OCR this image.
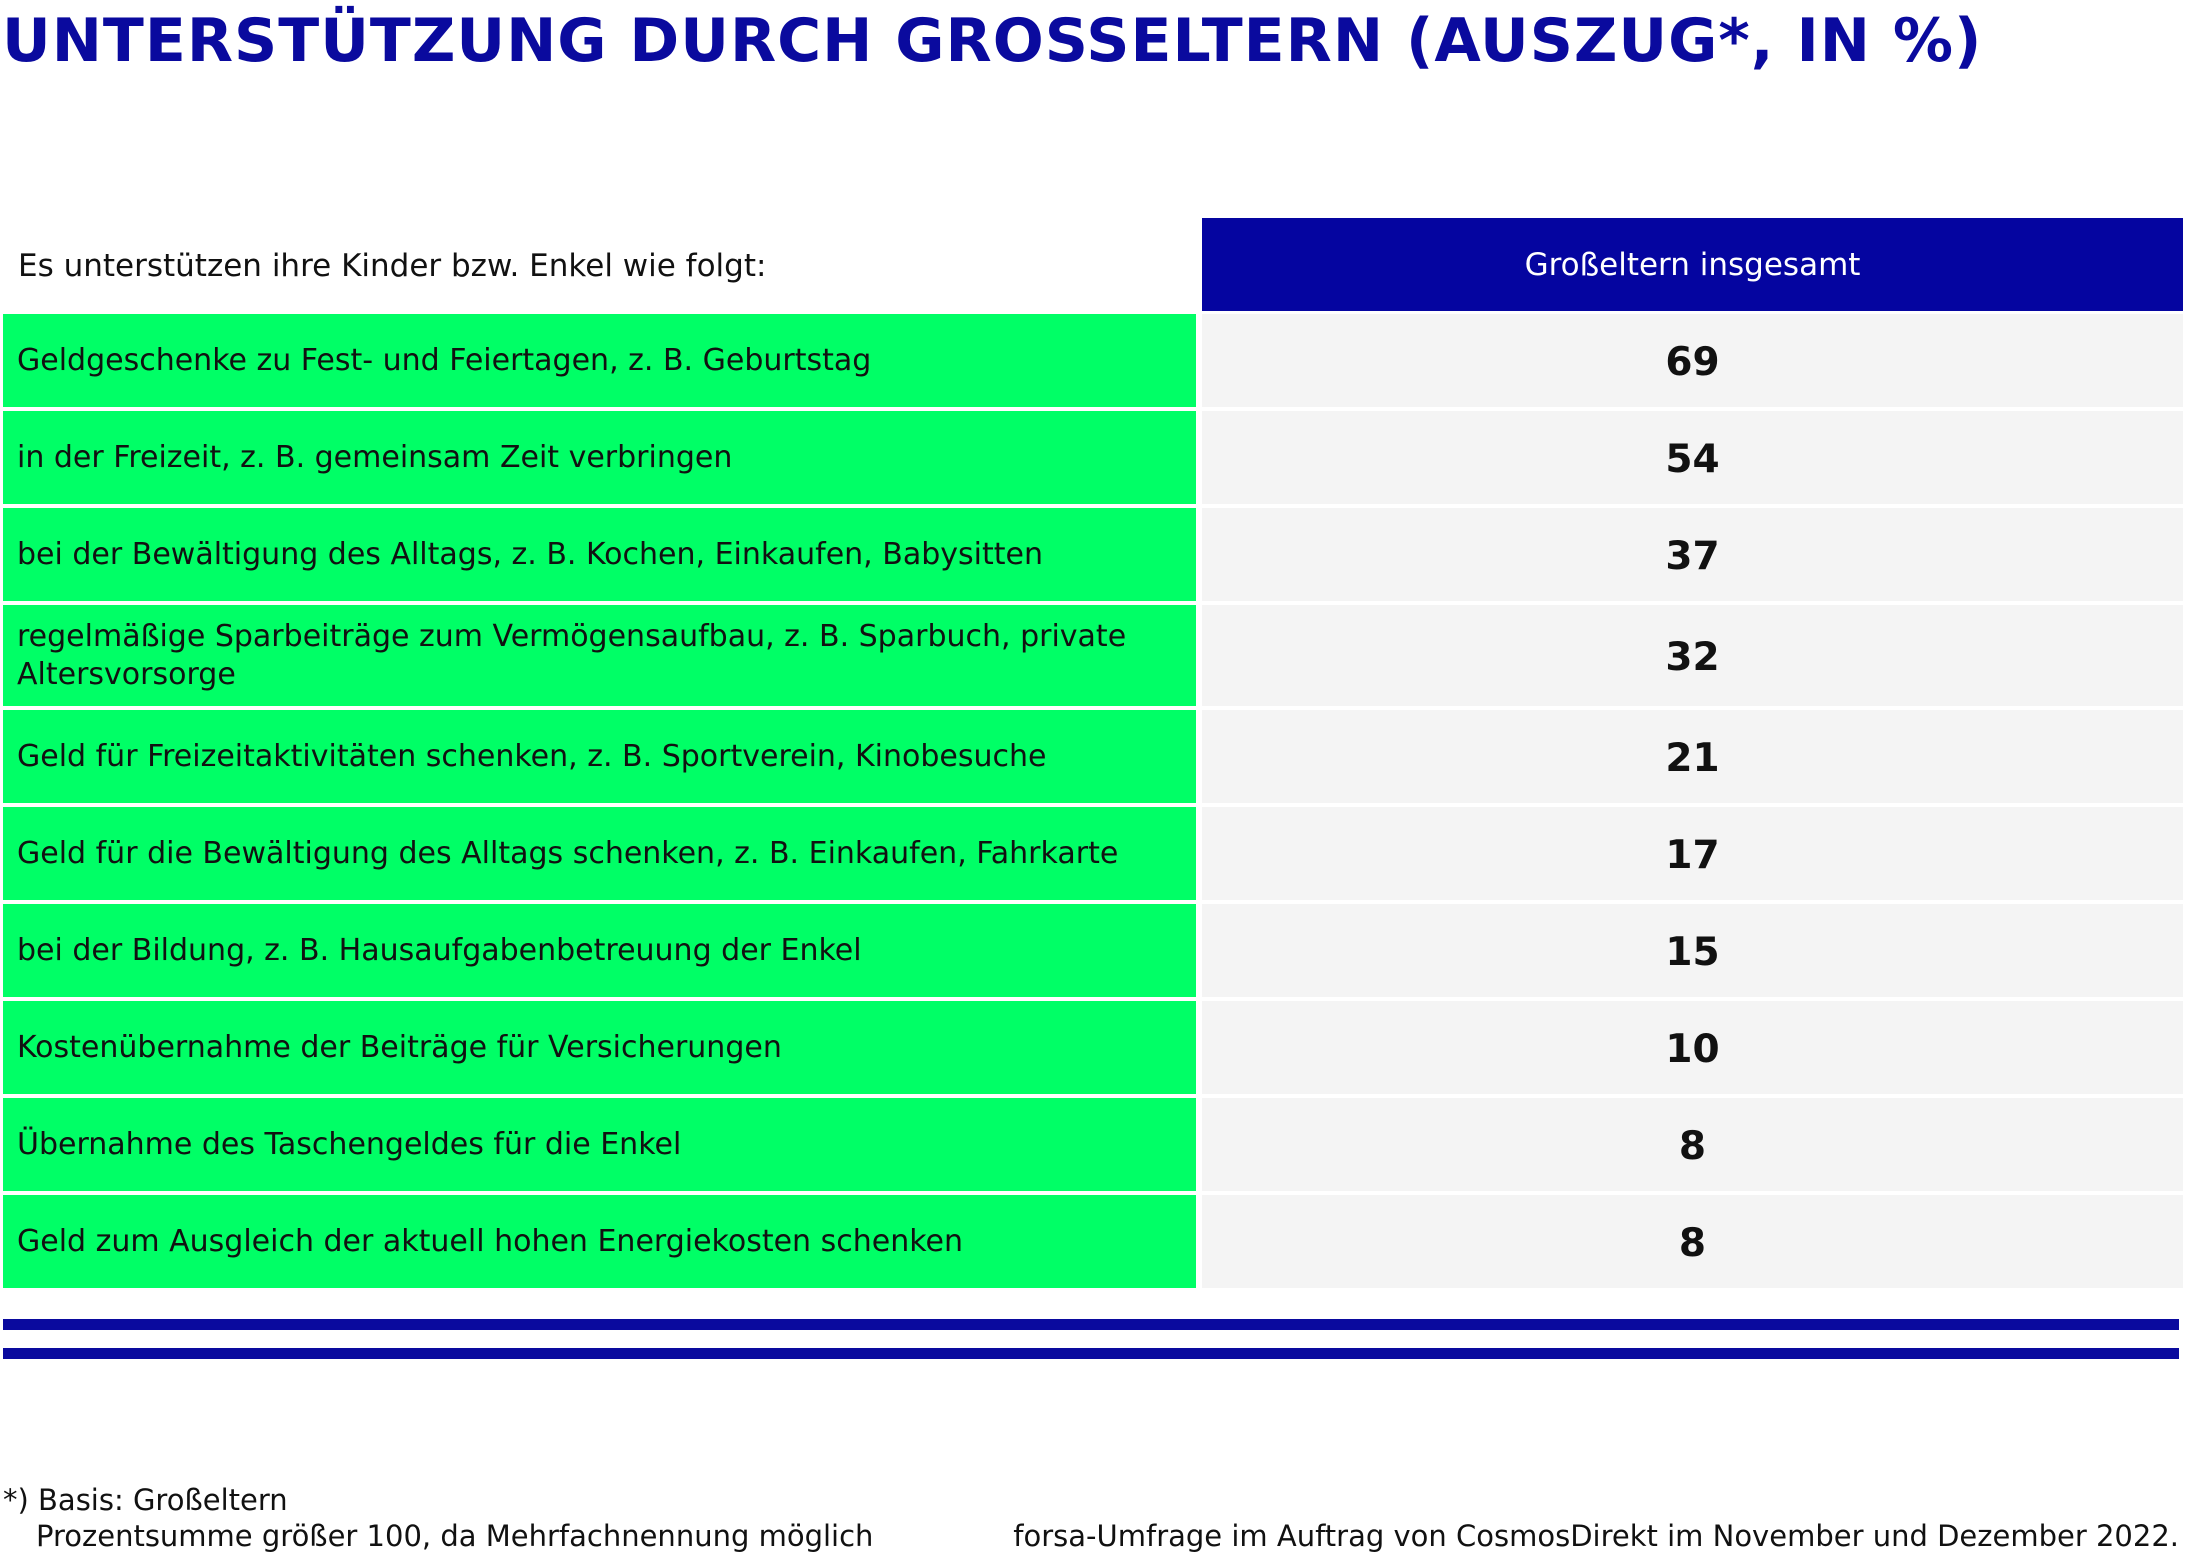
UNTERSTÜTZUNG DURCH GROSSELTERN (AUSZUG*, IN %)
Es unterstützen ihre Kinder bzw. Enkel wie folgt:	Großeltern insgesamt
Geldgeschenke zu Fest- und Feiertagen, z. B. Geburtstag	69
in der Freizeit, z. B. gemeinsam Zeit verbringen	54
bei der Bewältigung des Alltags, z. B. Kochen, Einkaufen, Babysitten	37
regelmäßige Sparbeiträge zum Vermögensaufbau, z. B. Sparbuch, private Altersvorsorge	32
Geld für Freizeitaktivitäten schenken, z. B. Sportverein, Kinobesuche	21
Geld für die Bewältigung des Alltags schenken, z. B. Einkaufen, Fahrkarte	17
bei der Bildung, z. B. Hausaufgabenbetreuung der Enkel	15
Kostenübernahme der Beiträge für Versicherungen	10
Übernahme des Taschengeldes für die Enkel	8
Geld zum Ausgleich der aktuell hohen Energiekosten schenken	8
*) Basis: Großeltern
Prozentsumme größer 100, da Mehrfachnennung möglich	forsa-Umfrage im Auftrag von CosmosDirekt im November und Dezember 2022.
